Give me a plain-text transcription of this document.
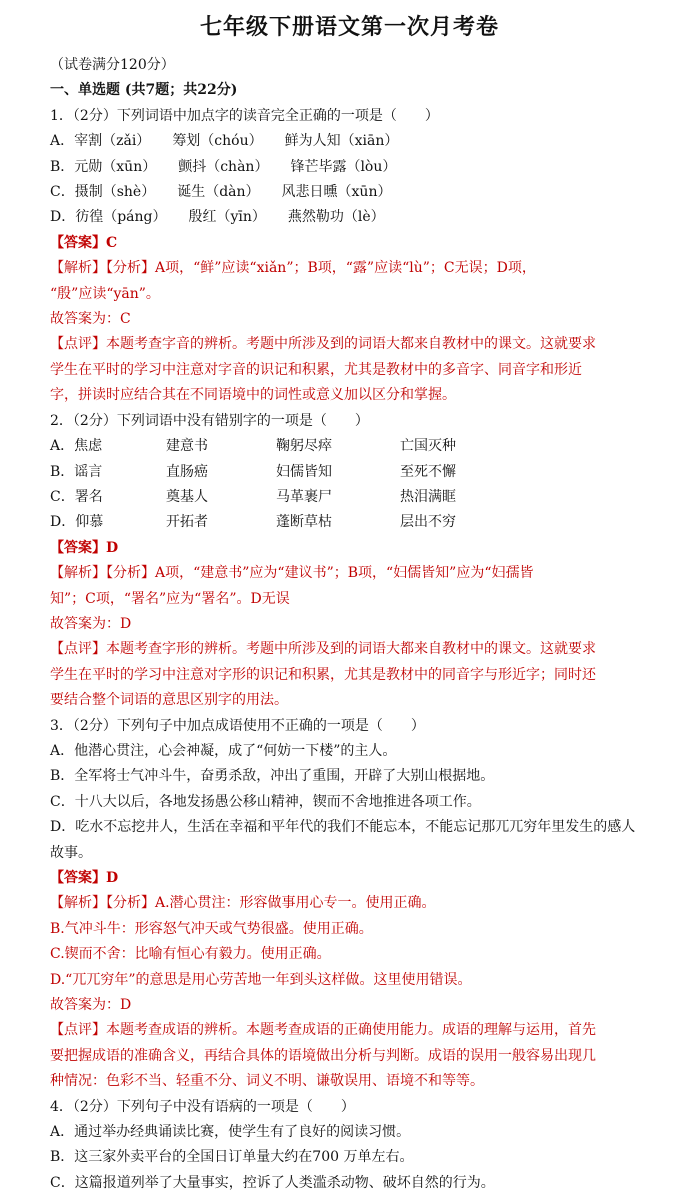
七年级下册语文第一次月考卷
（试卷满分120分）
一、单选题 (共7题；共22分)
1．（2分）下列词语中加点字的读音完全正确的一项是（　　）
A．宰割（zǎi） 筹划（chóu） 鲜为人知（xiān）
B．元勋（xūn） 颤抖（chàn） 锋芒毕露（lòu）
C．摄制（shè） 诞生（dàn） 风悲日曛（xūn）
D．彷徨（páng） 殷红（yīn） 燕然勒功（lè）
【答案】C
【解析】【分析】A项，“鲜”应读“xiǎn”；B项，“露”应读“lù”；C无误；D项，
“殷”应读“yān”。
故答案为：C
【点评】本题考查字音的辨析。考题中所涉及到的词语大都来自教材中的课文。这就要求
学生在平时的学习中注意对字音的识记和积累，尤其是教材中的多音字、同音字和形近
字，拼读时应结合其在不同语境中的词性或意义加以区分和掌握。
2．（2分）下列词语中没有错别字的一项是（　　）
A．焦虑	建意书	鞠躬尽瘁	亡国灭种
B．谣言	直肠癌	妇儒皆知	至死不懈
C．署名	奠基人	马革裹尸	热泪满眶
D．仰慕	开拓者	蓬断草枯	层出不穷
【答案】D
【解析】【分析】A项，“建意书”应为“建议书”；B项，“妇儒皆知”应为“妇孺皆
知”；C项，“署名”应为“署名”。D无误
故答案为：D
【点评】本题考查字形的辨析。考题中所涉及到的词语大都来自教材中的课文。这就要求
学生在平时的学习中注意对字形的识记和积累，尤其是教材中的同音字与形近字；同时还
要结合整个词语的意思区别字的用法。
3．（2分）下列句子中加点成语使用不正确的一项是（　　）
A．他潜心贯注，心会神凝，成了“何妨一下楼”的主人。
B．全军将士气冲斗牛，奋勇杀敌，冲出了重围，开辟了大别山根据地。
C．十八大以后，各地发扬愚公移山精神，锲而不舍地推进各项工作。
D．吃水不忘挖井人，生活在幸福和平年代的我们不能忘本，不能忘记那兀兀穷年里发生的感人
故事。
【答案】D
【解析】【分析】A.潜心贯注：形容做事用心专一。使用正确。
B.气冲斗牛：形容怒气冲天或气势很盛。使用正确。
C.锲而不舍：比喻有恒心有毅力。使用正确。
D.“兀兀穷年”的意思是用心劳苦地一年到头这样做。这里使用错误。
故答案为：D
【点评】本题考查成语的辨析。本题考查成语的正确使用能力。成语的理解与运用，首先
要把握成语的准确含义，再结合具体的语境做出分析与判断。成语的误用一般容易出现几
种情况：色彩不当、轻重不分、词义不明、谦敬误用、语境不和等等。
4．（2分）下列句子中没有语病的一项是（　　）
A．通过举办经典诵读比赛，使学生有了良好的阅读习惯。
B．这三家外卖平台的全国日订单量大约在700 万单左右。
C．这篇报道列举了大量事实，控诉了人类滥杀动物、破坏自然的行为。
